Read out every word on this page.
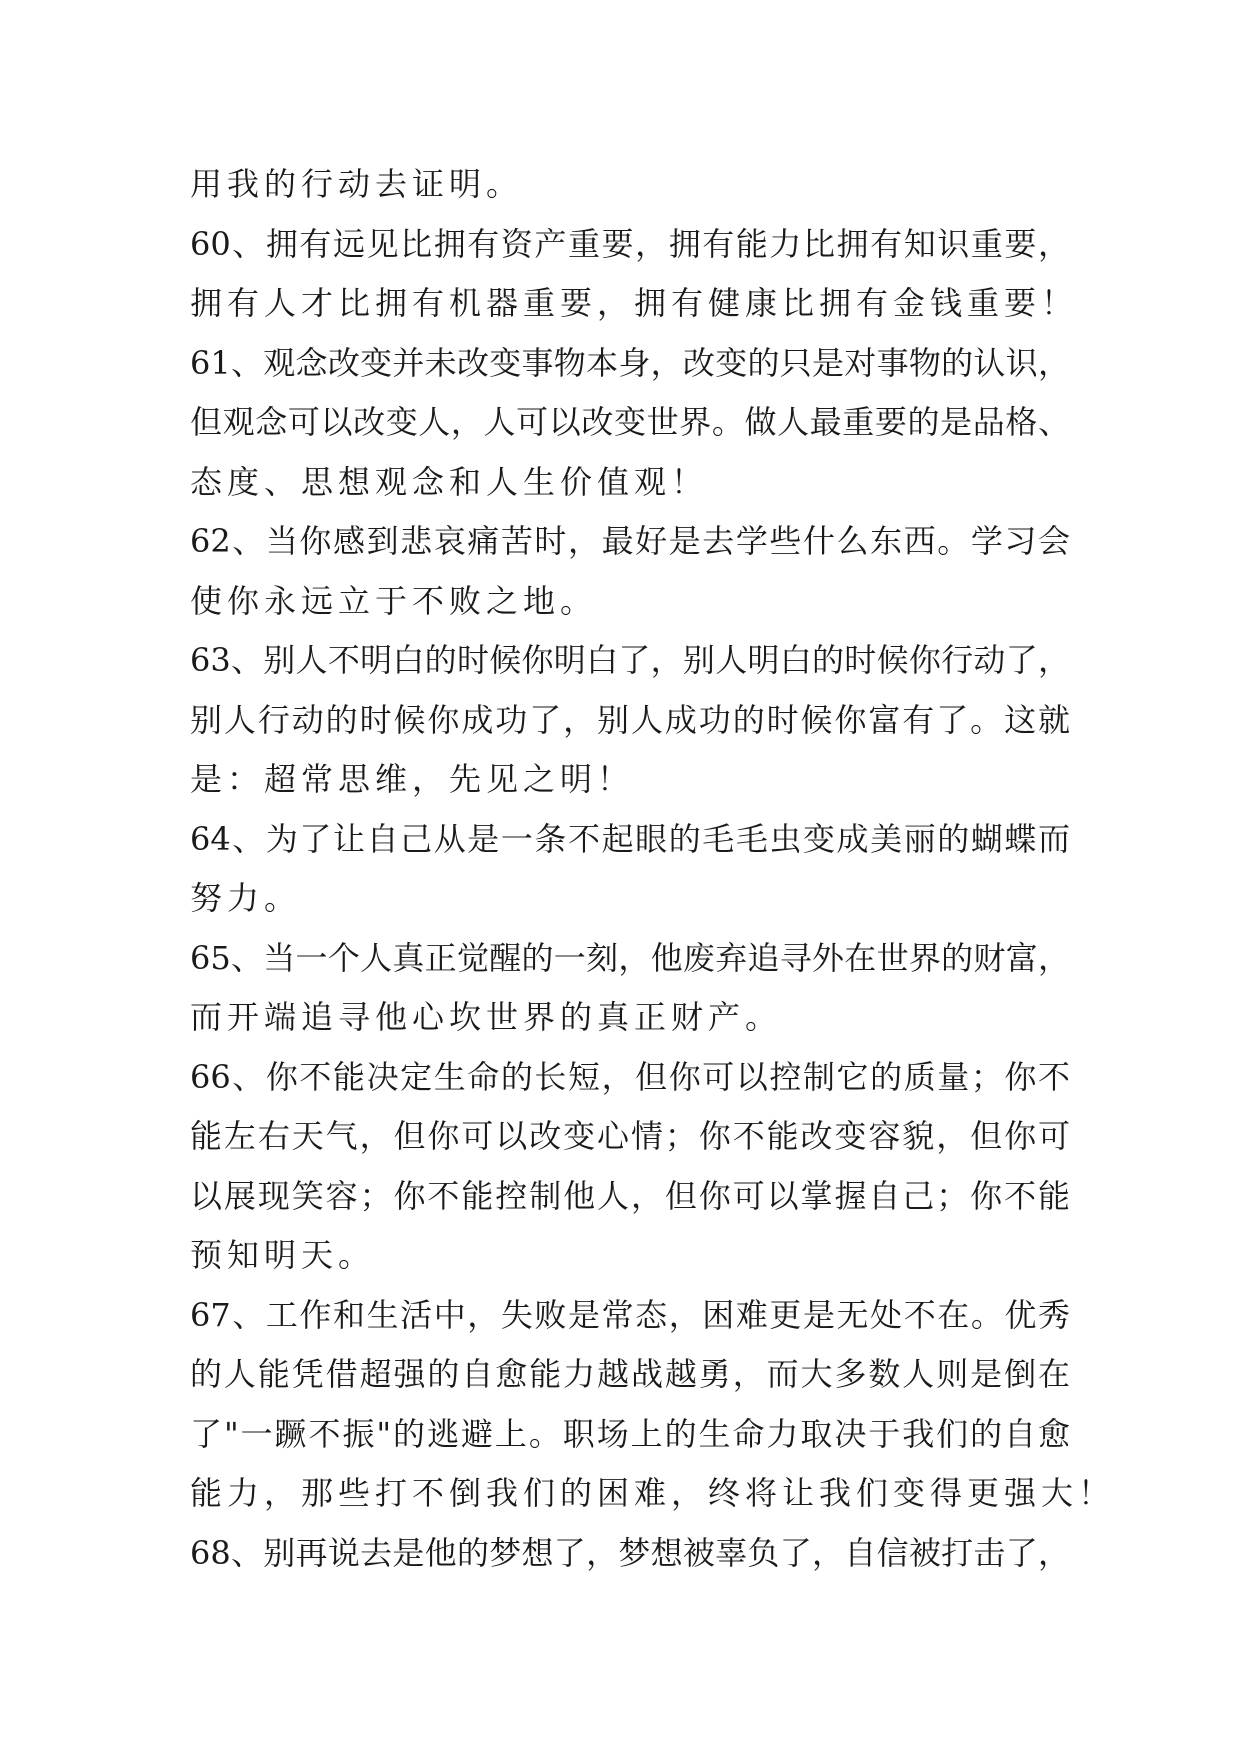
用我的行动去证明。
60、拥有远见比拥有资产重要，拥有能力比拥有知识重要，
拥有人才比拥有机器重要，拥有健康比拥有金钱重要！
61、观念改变并未改变事物本身，改变的只是对事物的认识，
但观念可以改变人，人可以改变世界。做人最重要的是品格、
态度、思想观念和人生价值观！
62、当你感到悲哀痛苦时，最好是去学些什么东西。学习会
使你永远立于不败之地。
63、别人不明白的时候你明白了，别人明白的时候你行动了，
别人行动的时候你成功了，别人成功的时候你富有了。这就
是：超常思维，先见之明！
64、为了让自己从是一条不起眼的毛毛虫变成美丽的蝴蝶而
努力。
65、当一个人真正觉醒的一刻，他废弃追寻外在世界的财富，
而开端追寻他心坎世界的真正财产。
66、你不能决定生命的长短，但你可以控制它的质量；你不
能左右天气，但你可以改变心情；你不能改变容貌，但你可
以展现笑容；你不能控制他人，但你可以掌握自己；你不能
预知明天。
67、工作和生活中，失败是常态，困难更是无处不在。优秀
的人能凭借超强的自愈能力越战越勇，而大多数人则是倒在
了"一蹶不振"的逃避上。职场上的生命力取决于我们的自愈
能力，那些打不倒我们的困难，终将让我们变得更强大！
68、别再说去是他的梦想了，梦想被辜负了，自信被打击了，
